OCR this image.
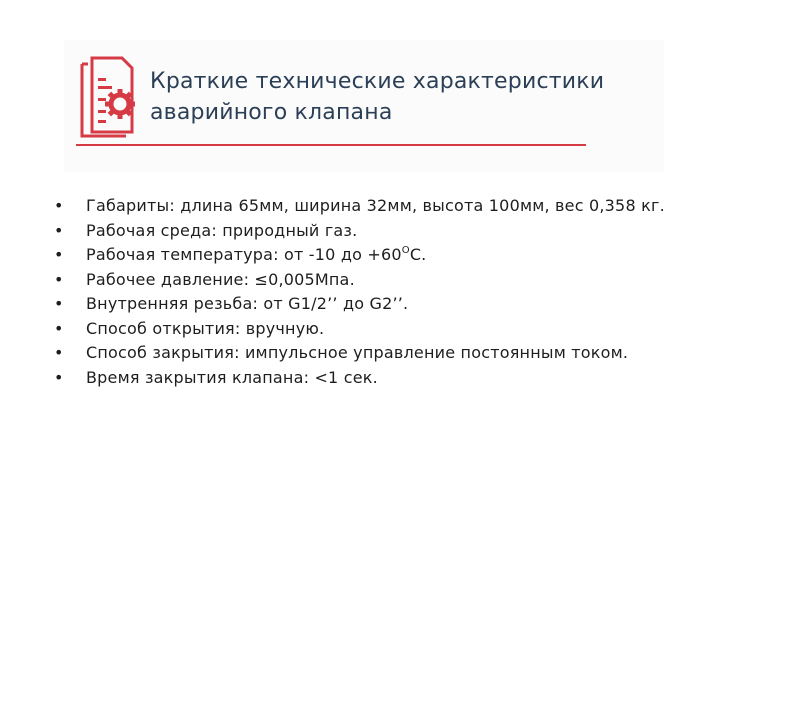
Краткие технические характеристики
аварийного клапана
• Габариты: длина 65мм, ширина 32мм, высота 100мм, вес 0,358 кг.
• Рабочая среда: природный газ.
• Рабочая температура: от -10 до $+60^ОС$.
• Рабочее давление: ≤0,005Мпа.
• Внутренняя резьба: от G1/2’’ до G2’’.
• Способ открытия: вручную.
• Способ закрытия: импульсное управление постоянным током.
• Время закрытия клапана: <1 сек.
